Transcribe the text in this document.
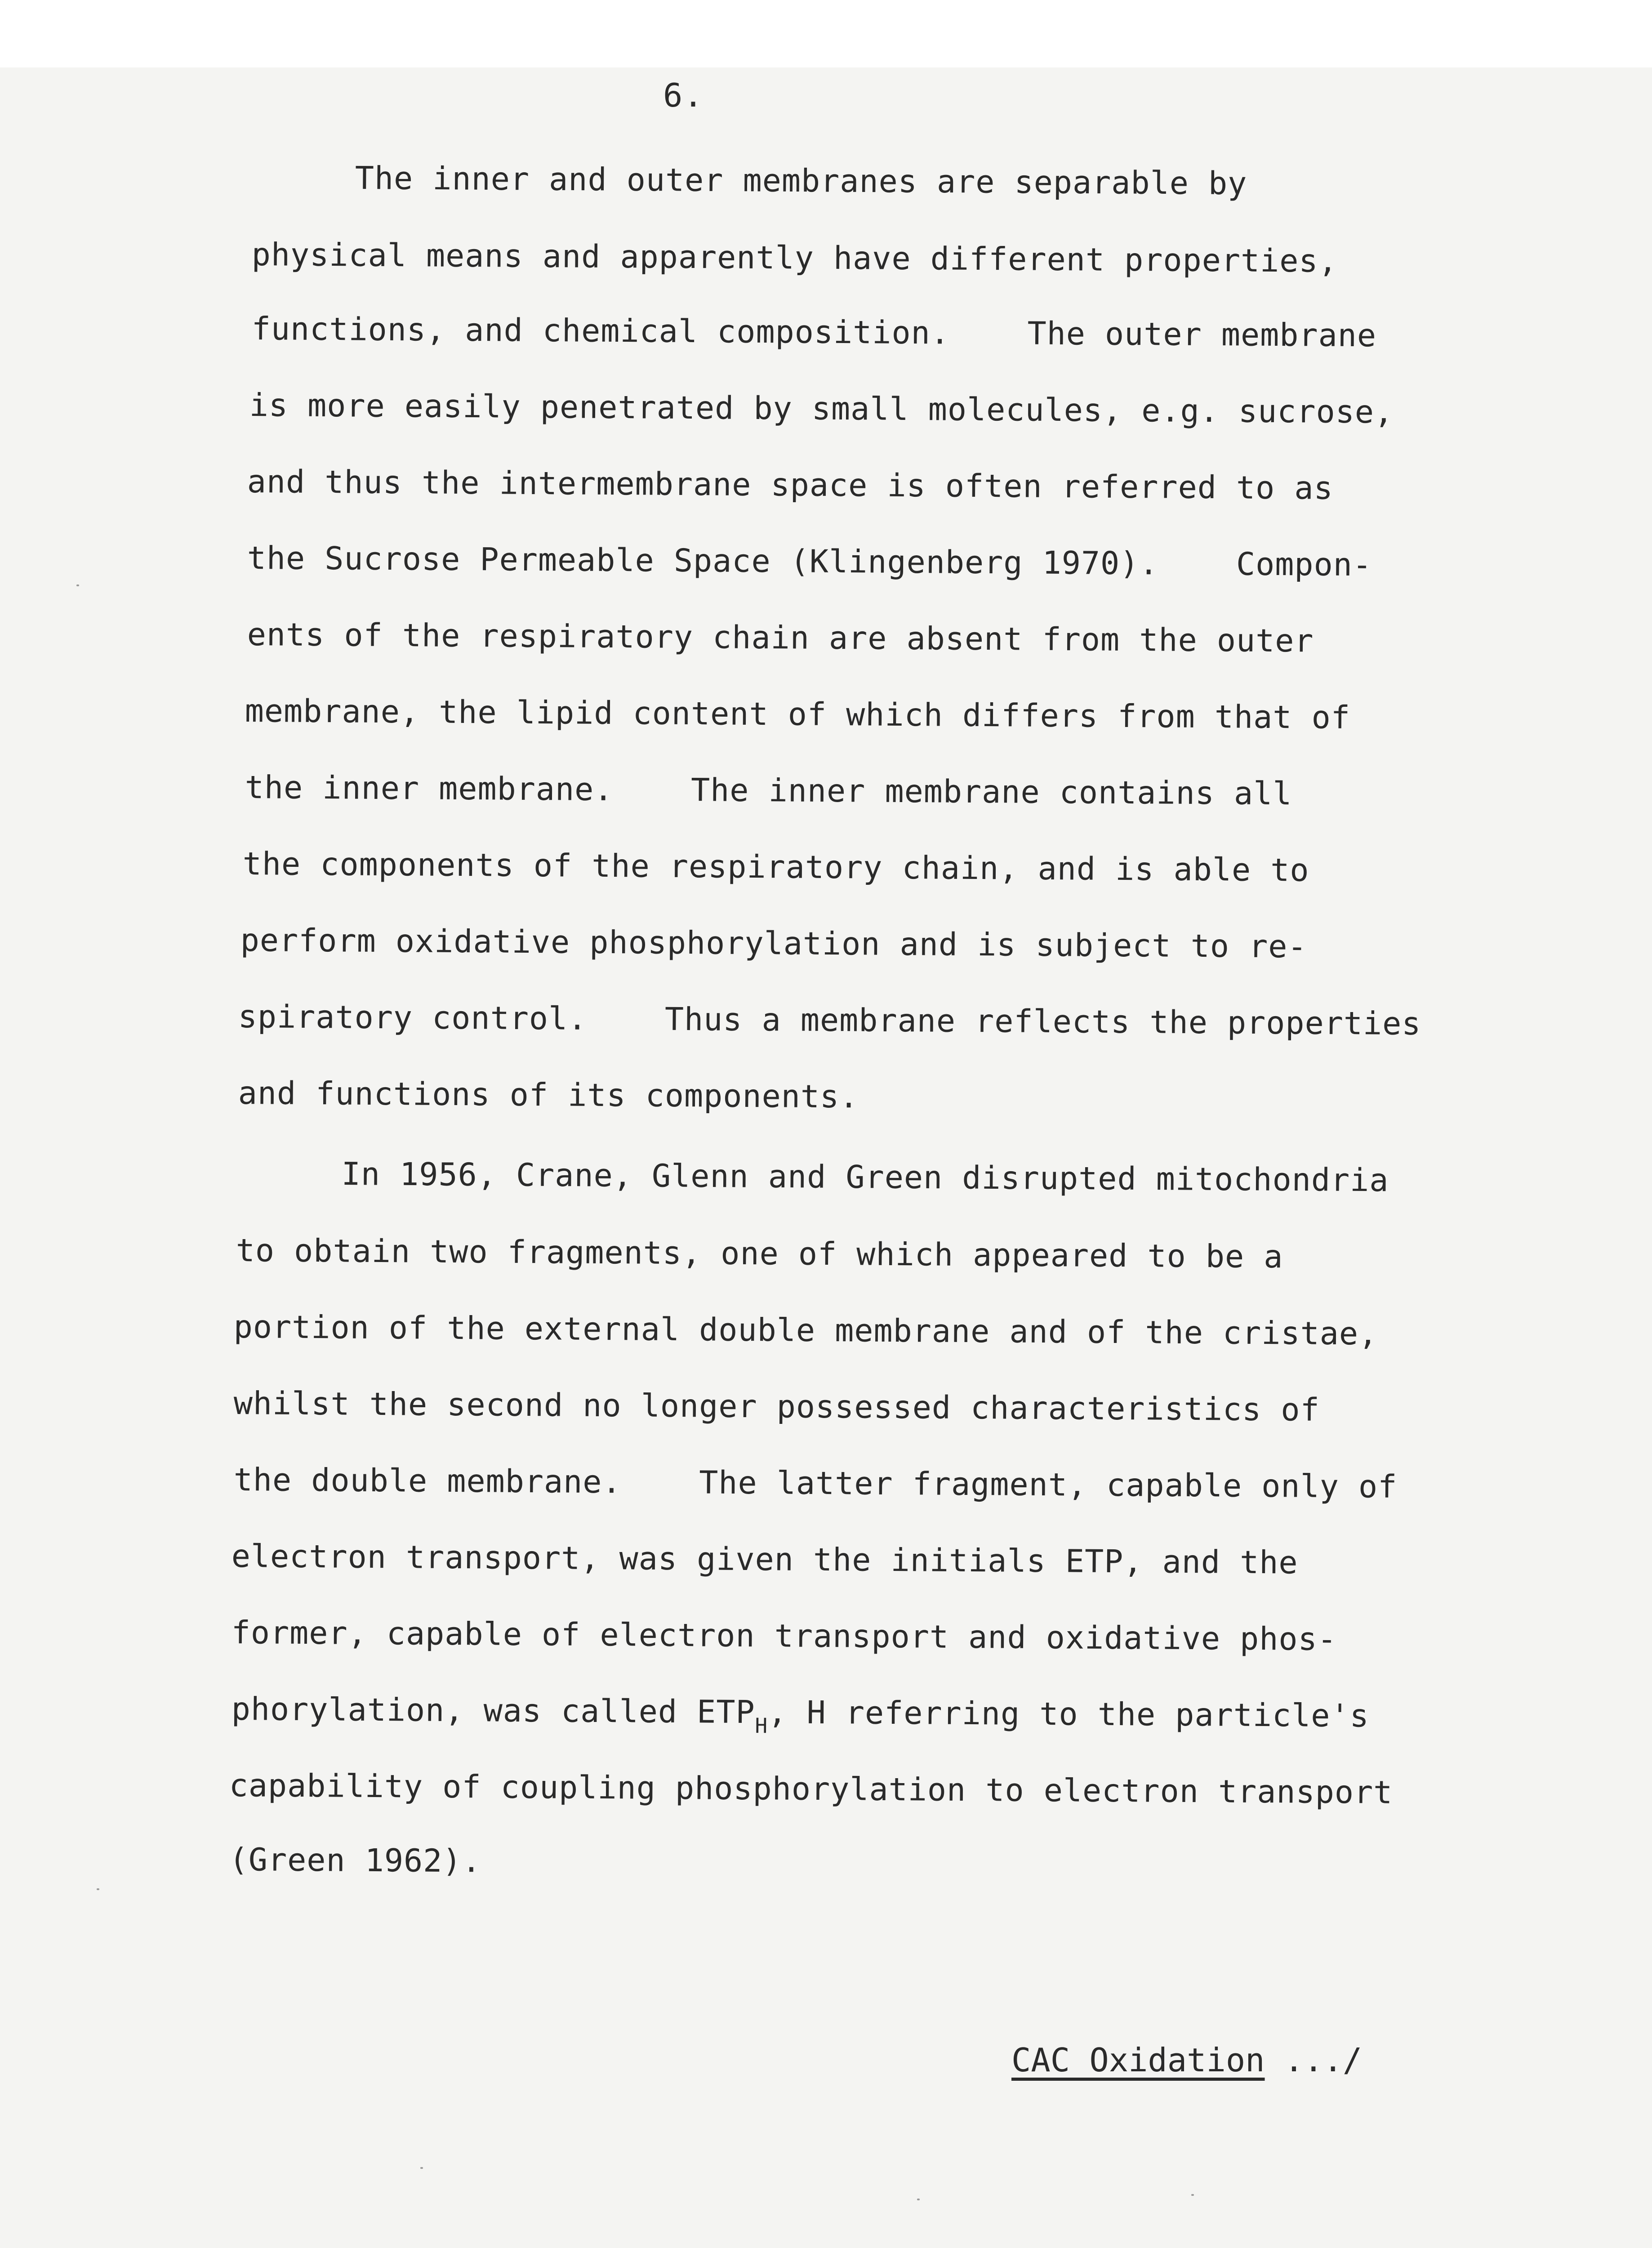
6.
The inner and outer membranes are separable by
physical means and apparently have different properties,
functions, and chemical composition.    The outer membrane
is more easily penetrated by small molecules, e.g. sucrose,
and thus the intermembrane space is often referred to as
the Sucrose Permeable Space (Klingenberg 1970).    Compon-
ents of the respiratory chain are absent from the outer
membrane, the lipid content of which differs from that of
the inner membrane.    The inner membrane contains all
the components of the respiratory chain, and is able to
perform oxidative phosphorylation and is subject to re-
spiratory control.    Thus a membrane reflects the properties
and functions of its components.
In 1956, Crane, Glenn and Green disrupted mitochondria
to obtain two fragments, one of which appeared to be a
portion of the external double membrane and of the cristae,
whilst the second no longer possessed characteristics of
the double membrane.    The latter fragment, capable only of
electron transport, was given the initials ETP, and the
former, capable of electron transport and oxidative phos-
phorylation, was called $ETP_H$, H referring to the particle's
capability of coupling phosphorylation to electron transport
(Green 1962).
CAC Oxidation .../
